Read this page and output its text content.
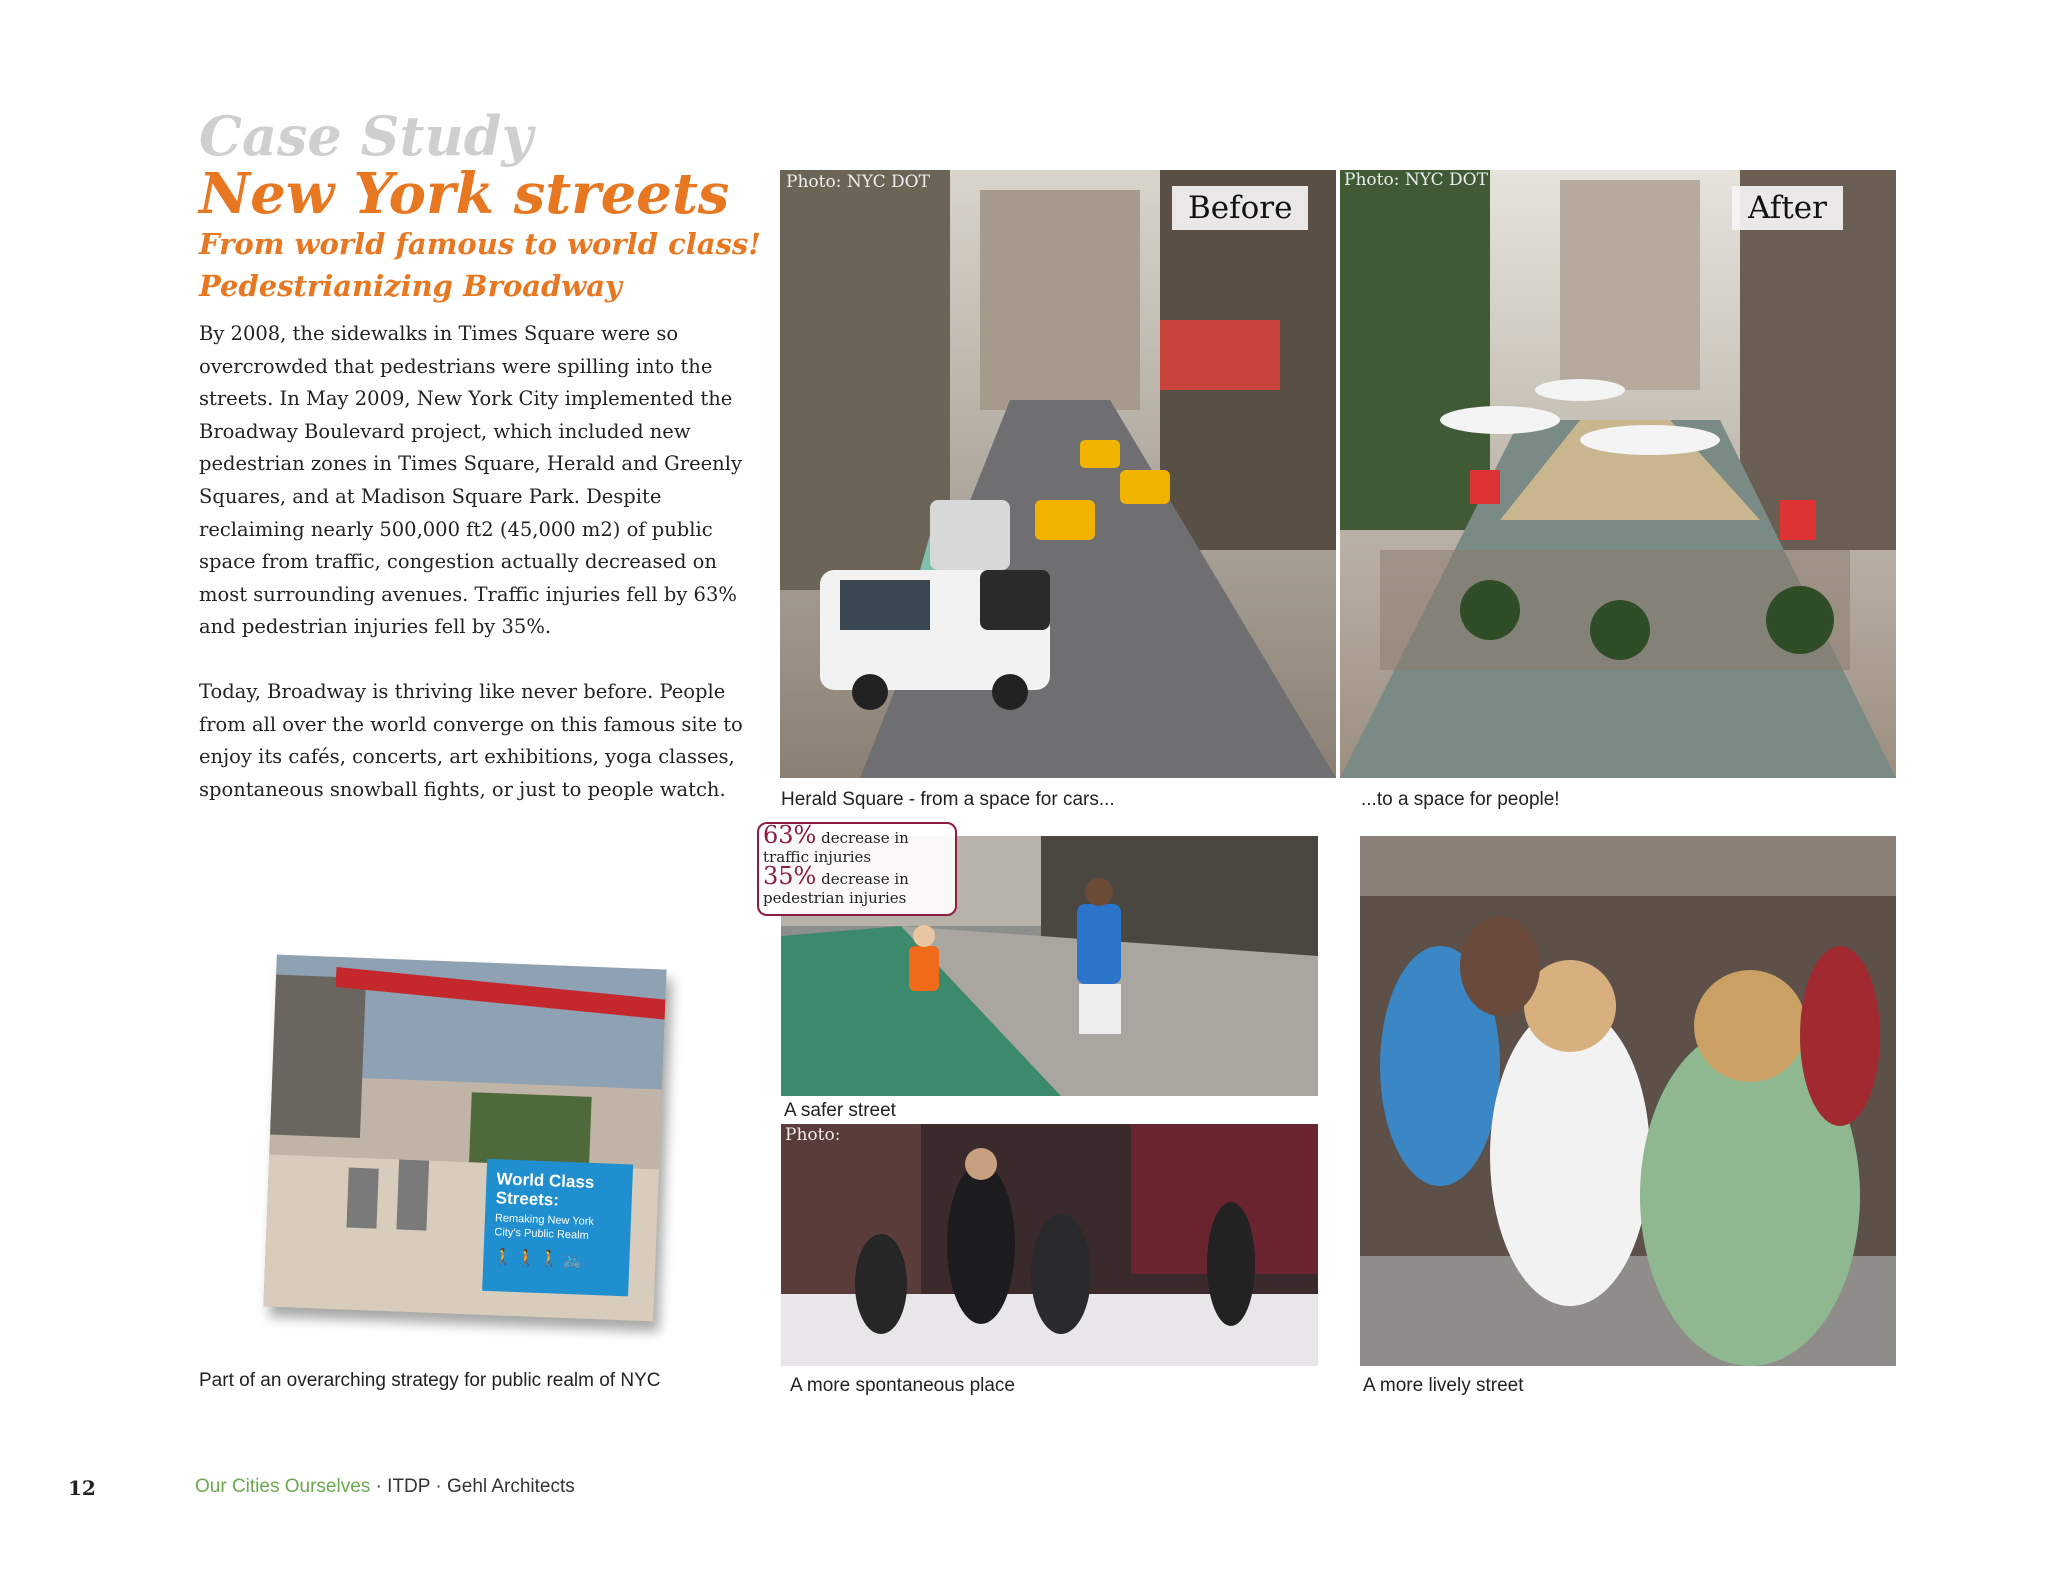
Case Study
New York streets
From world famous to world class!
Pedestrianizing Broadway

By 2008, the sidewalks in Times Square were so overcrowded that pedestrians were spilling into the streets. In May 2009, New York City implemented the Broadway Boulevard project, which included new pedestrian zones in Times Square, Herald and Greenly Squares, and at Madison Square Park. Despite reclaiming nearly 500,000 ft2 (45,000 m2) of public space from traffic, congestion actually decreased on most surrounding avenues. Traffic injuries fell by 63% and pedestrian injuries fell by 35%.

Today, Broadway is thriving like never before. People from all over the world converge on this famous site to enjoy its cafés, concerts, art exhibitions, yoga classes, spontaneous snowball fights, or just to people watch.

Photo: NYC DOT
Before
Photo: NYC DOT
After
Herald Square - from a space for cars...	...to a space for people!
A safer street
63% decrease in traffic injuries
35% decrease in pedestrian injuries
Photo:
A more spontaneous place	A more lively street
World Class Streets:
Remaking New York City's Public Realm
🚶🚶🚶🚲
Part of an overarching strategy for public realm of NYC
12	Our Cities Ourselves · ITDP · Gehl Architects
